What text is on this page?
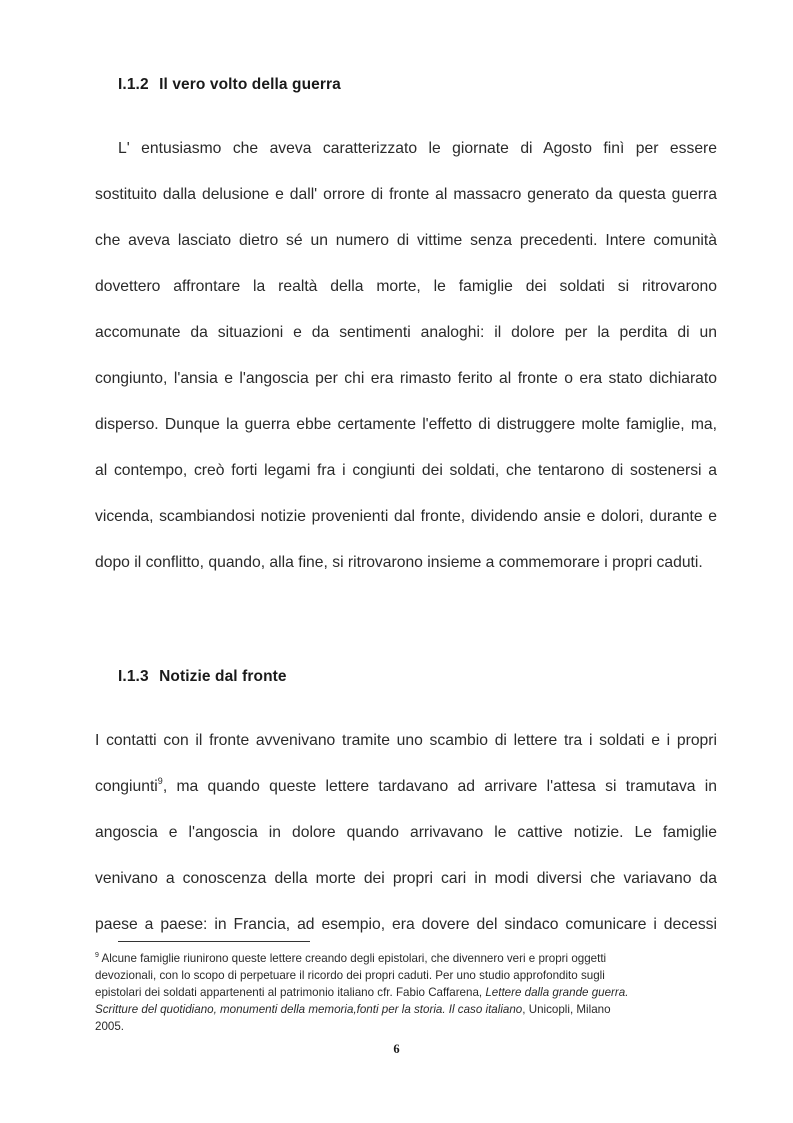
I.1.2 Il vero volto della guerra

L' entusiasmo che aveva caratterizzato le giornate di Agosto finì per essere

sostituito dalla delusione e dall' orrore di fronte al massacro generato da questa guerra

che aveva lasciato dietro sé un numero di vittime senza precedenti. Intere comunità

dovettero affrontare la realtà della morte, le famiglie dei soldati si ritrovarono

accomunate da situazioni e da sentimenti analoghi: il dolore per la perdita di un

congiunto, l'ansia e l'angoscia per chi era rimasto ferito al fronte o era stato dichiarato

disperso. Dunque la guerra ebbe certamente l'effetto di distruggere molte famiglie, ma,

al contempo, creò forti legami fra i congiunti dei soldati, che tentarono di sostenersi a

vicenda, scambiandosi notizie provenienti dal fronte, dividendo ansie e dolori, durante e

dopo il conflitto, quando, alla fine, si ritrovarono insieme a commemorare i propri caduti.

I.1.3 Notizie dal fronte

I contatti con il fronte avvenivano tramite uno scambio di lettere tra i soldati e i propri

congiunti$^9$, ma quando queste lettere tardavano ad arrivare l'attesa si tramutava in

angoscia e l'angoscia in dolore quando arrivavano le cattive notizie. Le famiglie

venivano a conoscenza della morte dei propri cari in modi diversi che variavano da

paese a paese: in Francia, ad esempio, era dovere del sindaco comunicare i decessi

$^9$ Alcune famiglie riunirono queste lettere creando degli epistolari, che divennero veri e propri oggetti

devozionali, con lo scopo di perpetuare il ricordo dei propri caduti. Per uno studio approfondito sugli

epistolari dei soldati appartenenti al patrimonio italiano cfr. Fabio Caffarena, Lettere dalla grande guerra.

Scritture del quotidiano, monumenti della memoria,fonti per la storia. Il caso italiano, Unicopli, Milano

2005.

6
